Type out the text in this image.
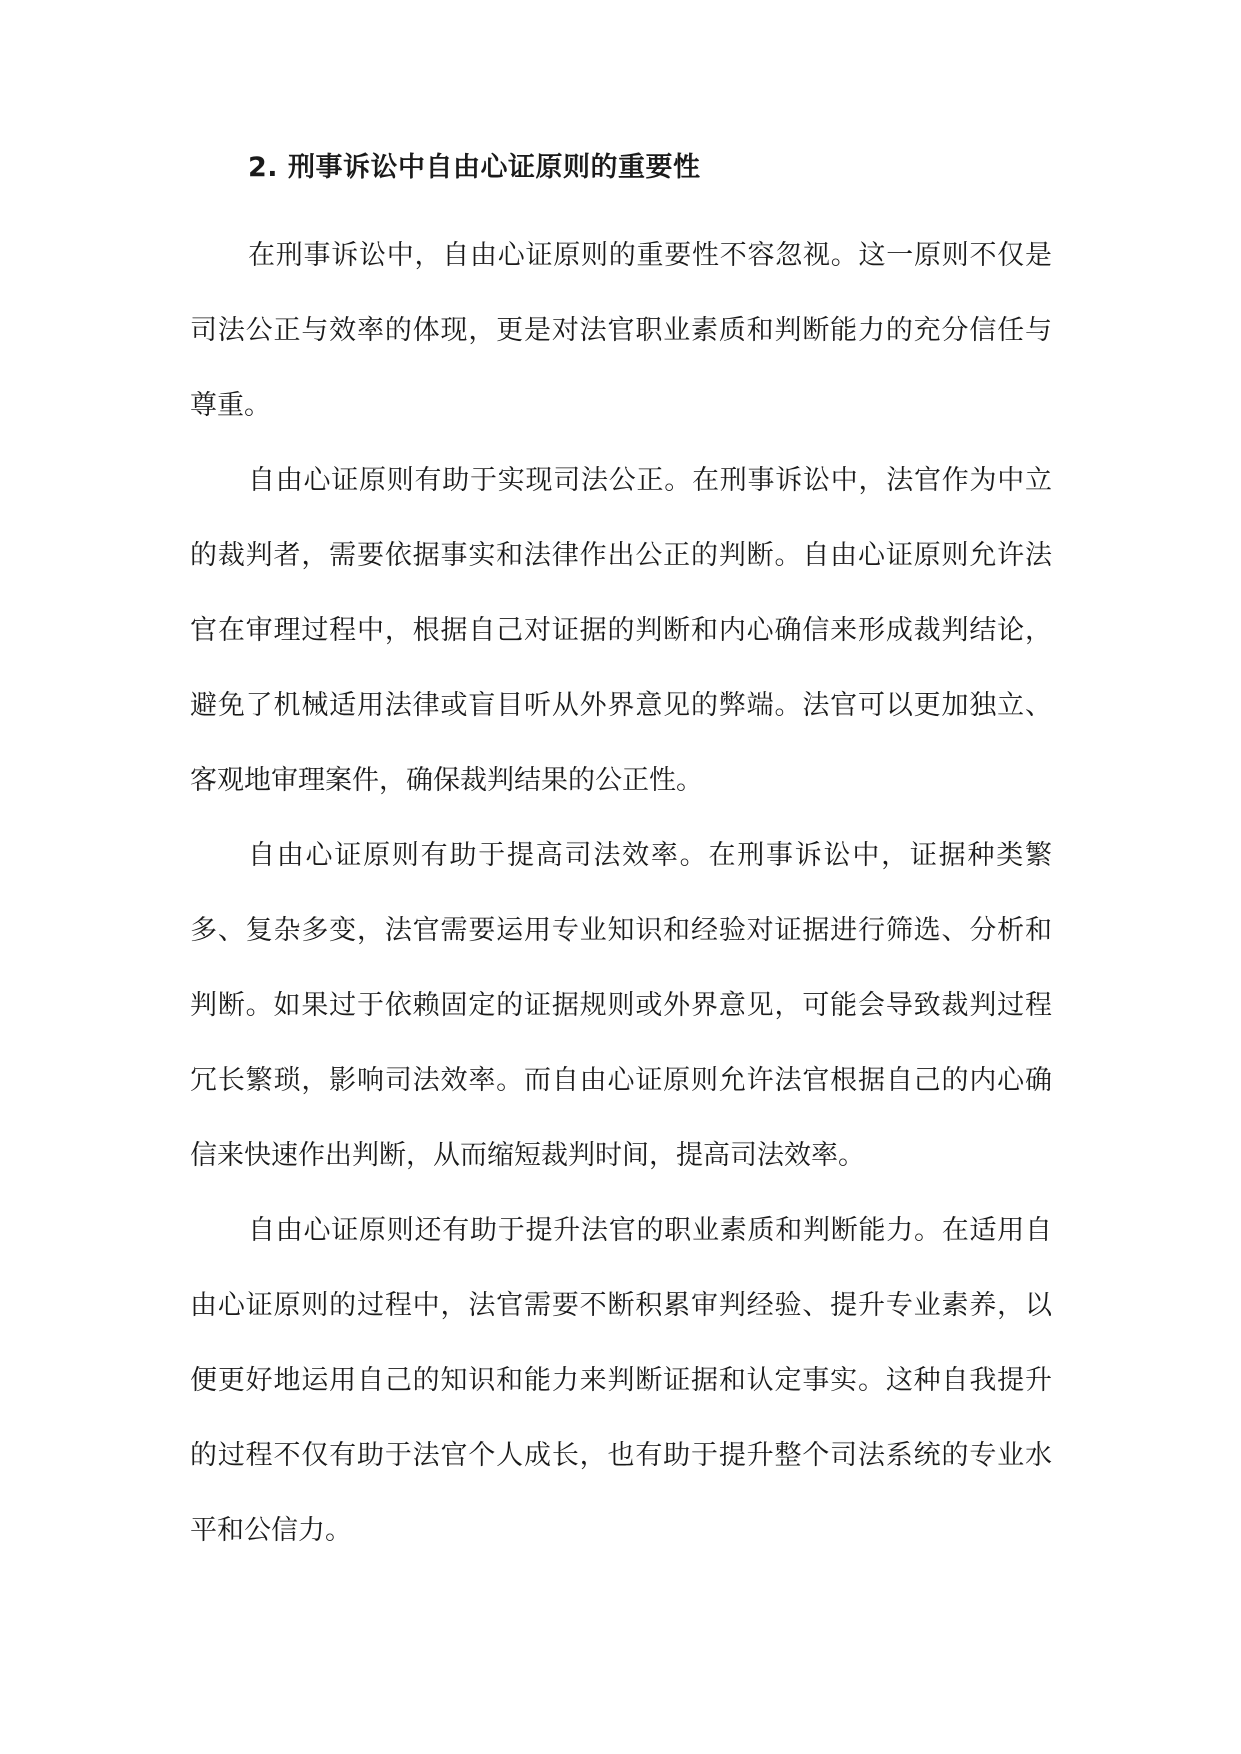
2. 刑事诉讼中自由心证原则的重要性

在刑事诉讼中，自由心证原则的重要性不容忽视。这一原则不仅是司法公正与效率的体现，更是对法官职业素质和判断能力的充分信任与尊重。

自由心证原则有助于实现司法公正。在刑事诉讼中，法官作为中立的裁判者，需要依据事实和法律作出公正的判断。自由心证原则允许法官在审理过程中，根据自己对证据的判断和内心确信来形成裁判结论，避免了机械适用法律或盲目听从外界意见的弊端。法官可以更加独立、客观地审理案件，确保裁判结果的公正性。

自由心证原则有助于提高司法效率。在刑事诉讼中，证据种类繁多、复杂多变，法官需要运用专业知识和经验对证据进行筛选、分析和判断。如果过于依赖固定的证据规则或外界意见，可能会导致裁判过程冗长繁琐，影响司法效率。而自由心证原则允许法官根据自己的内心确信来快速作出判断，从而缩短裁判时间，提高司法效率。

自由心证原则还有助于提升法官的职业素质和判断能力。在适用自由心证原则的过程中，法官需要不断积累审判经验、提升专业素养，以便更好地运用自己的知识和能力来判断证据和认定事实。这种自我提升的过程不仅有助于法官个人成长，也有助于提升整个司法系统的专业水平和公信力。
